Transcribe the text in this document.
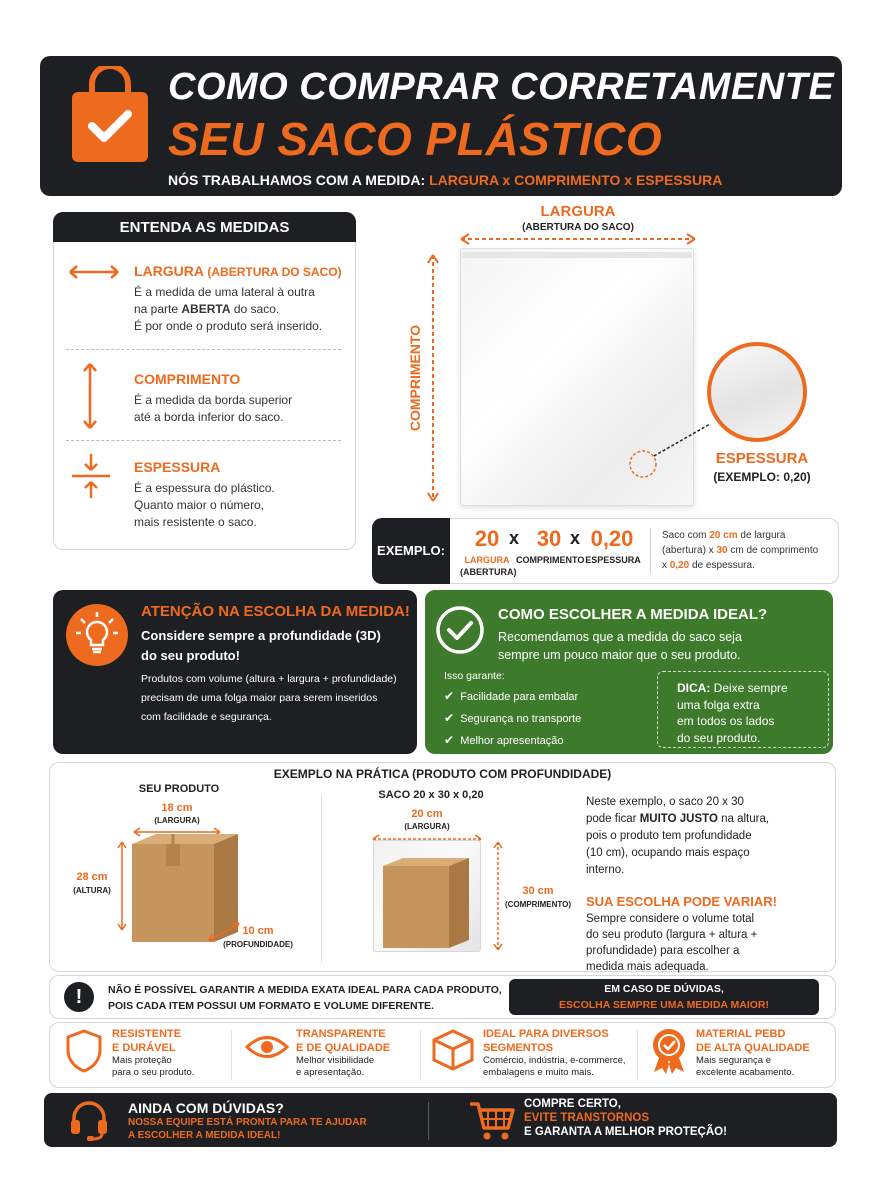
COMO COMPRAR CORRETAMENTE
SEU SACO PLÁSTICO
NÓS TRABALHAMOS COM A MEDIDA: LARGURA x COMPRIMENTO x ESPESSURA
ENTENDA AS MEDIDAS
LARGURA (ABERTURA DO SACO)
É a medida de uma lateral à outra
na parte ABERTA do saco.
É por onde o produto será inserido.
COMPRIMENTO
É a medida da borda superior
até a borda inferior do saco.
ESPESSURA
É a espessura do plástico.
Quanto maior o número,
mais resistente o saco.
LARGURA
(ABERTURA DO SACO)
COMPRIMENTO
ESPESSURA
(EXEMPLO: 0,20)
EXEMPLO: 20 x 30 x 0,20
LARGURA
(ABERTURA)
COMPRIMENTO ESPESSURA
Saco com 20 cm de largura
(abertura) x 30 cm de comprimento
x 0,20 de espessura.
ATENÇÃO NA ESCOLHA DA MEDIDA!
Considere sempre a profundidade (3D)
do seu produto!
Produtos com volume (altura + largura + profundidade)
precisam de uma folga maior para serem inseridos
com facilidade e segurança.
COMO ESCOLHER A MEDIDA IDEAL?
Recomendamos que a medida do saco seja
sempre um pouco maior que o seu produto.
Isso garante:
✔ Facilidade para embalar
✔ Segurança no transporte
✔ Melhor apresentação
DICA: Deixe sempre
uma folga extra
em todos os lados
do seu produto.
EXEMPLO NA PRÁTICA (PRODUTO COM PROFUNDIDADE)
SEU PRODUTO
18 cm
(LARGURA)
28 cm
(ALTURA)
10 cm
(PROFUNDIDADE)
SACO 20 x 30 x 0,20
20 cm
(LARGURA)
30 cm
(COMPRIMENTO)
Neste exemplo, o saco 20 x 30
pode ficar MUITO JUSTO na altura,
pois o produto tem profundidade
(10 cm), ocupando mais espaço
interno.
SUA ESCOLHA PODE VARIAR!
Sempre considere o volume total
do seu produto (largura + altura +
profundidade) para escolher a
medida mais adequada.
!	NÃO É POSSÍVEL GARANTIR A MEDIDA EXATA IDEAL PARA CADA PRODUTO,
POIS CADA ITEM POSSUI UM FORMATO E VOLUME DIFERENTE.
EM CASO DE DÚVIDAS,
ESCOLHA SEMPRE UMA MEDIDA MAIOR!
RESISTENTE
E DURÁVEL
Mais proteção
para o seu produto.
TRANSPARENTE
E DE QUALIDADE
Melhor visibilidade
e apresentação.
IDEAL PARA DIVERSOS
SEGMENTOS
Comércio, indústria, e-commerce,
embalagens e muito mais.
MATERIAL PEBD
DE ALTA QUALIDADE
Mais segurança e
excelente acabamento.
AINDA COM DÚVIDAS?
NOSSA EQUIPE ESTÁ PRONTA PARA TE AJUDAR
A ESCOLHER A MEDIDA IDEAL!
COMPRE CERTO,
EVITE TRANSTORNOS
E GARANTA A MELHOR PROTEÇÃO!
